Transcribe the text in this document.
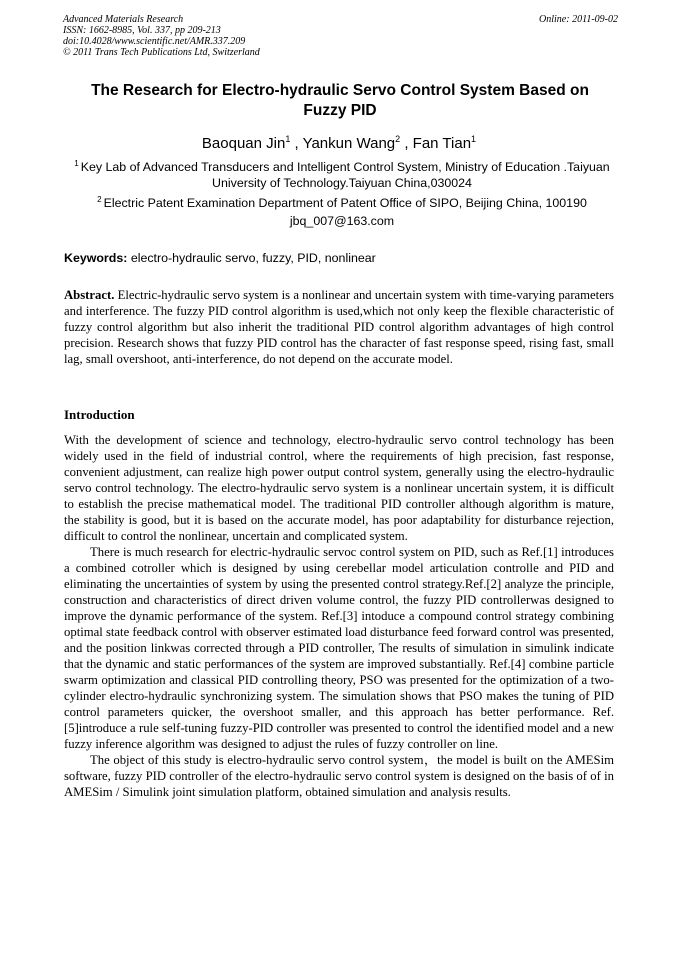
Advanced Materials Research
ISSN: 1662-8985, Vol. 337, pp 209-213
doi:10.4028/www.scientific.net/AMR.337.209
© 2011 Trans Tech Publications Ltd, Switzerland
Online: 2011-09-02
The Research for Electro-hydraulic Servo Control System Based on Fuzzy PID
Baoquan Jin$^1$ , Yankun Wang$^2$ , Fan Tian$^1$
$^1$ Key Lab of Advanced Transducers and Intelligent Control System, Ministry of Education .Taiyuan University of Technology.Taiyuan China,030024
$^2$ Electric Patent Examination Department of Patent Office of SIPO, Beijing China, 100190
jbq_007@163.com
Keywords: electro-hydraulic servo, fuzzy, PID, nonlinear
Abstract. Electric-hydraulic servo system is a nonlinear and uncertain system with time-varying parameters and interference. The fuzzy PID control algorithm is used,which not only keep the flexible characteristic of fuzzy control algorithm but also inherit the traditional PID control algorithm advantages of high control precision. Research shows that fuzzy PID control has the character of fast response speed, rising fast, small lag, small overshoot, anti-interference, do not depend on the accurate model.
Introduction

With the development of science and technology, electro-hydraulic servo control technology has been widely used in the field of industrial control, where the requirements of high precision, fast response, convenient adjustment, can realize high power output control system, generally using the electro-hydraulic servo control technology. The electro-hydraulic servo system is a nonlinear uncertain system, it is difficult to establish the precise mathematical model. The traditional PID controller although algorithm is mature, the stability is good, but it is based on the accurate model, has poor adaptability for disturbance rejection, difficult to control the nonlinear, uncertain and complicated system.

There is much research for electric-hydraulic servoc control system on PID, such as Ref.[1] introduces a combined cotroller which is designed by using cerebellar model articulation controlle and PID and eliminating the uncertainties of system by using the presented control strategy.Ref.[2] analyze the principle, construction and characteristics of direct driven volume control, the fuzzy PID controllerwas designed to improve the dynamic performance of the system. Ref.[3] intoduce a compound control strategy combining optimal state feedback control with observer estimated load disturbance feed forward control was presented, and the position linkwas corrected through a PID controller, The results of simulation in simulink indicate that the dynamic and static performances of the system are improved substantially. Ref.[4] combine particle swarm optimization and classical PID controlling theory, PSO was presented for the optimization of a two-cylinder electro-hydraulic synchronizing system. The simulation shows that PSO makes the tuning of PID control parameters quicker, the overshoot smaller, and this approach has better performance. Ref.[5]introduce a rule self-tuning fuzzy-PID controller was presented to control the identified model and a new fuzzy inference algorithm was designed to adjust the rules of fuzzy controller on line.

The object of this study is electro-hydraulic servo control system，the model is built on the AMESim software, fuzzy PID controller of the electro-hydraulic servo control system is designed on the basis of of in AMESim / Simulink joint simulation platform, obtained simulation and analysis results.
